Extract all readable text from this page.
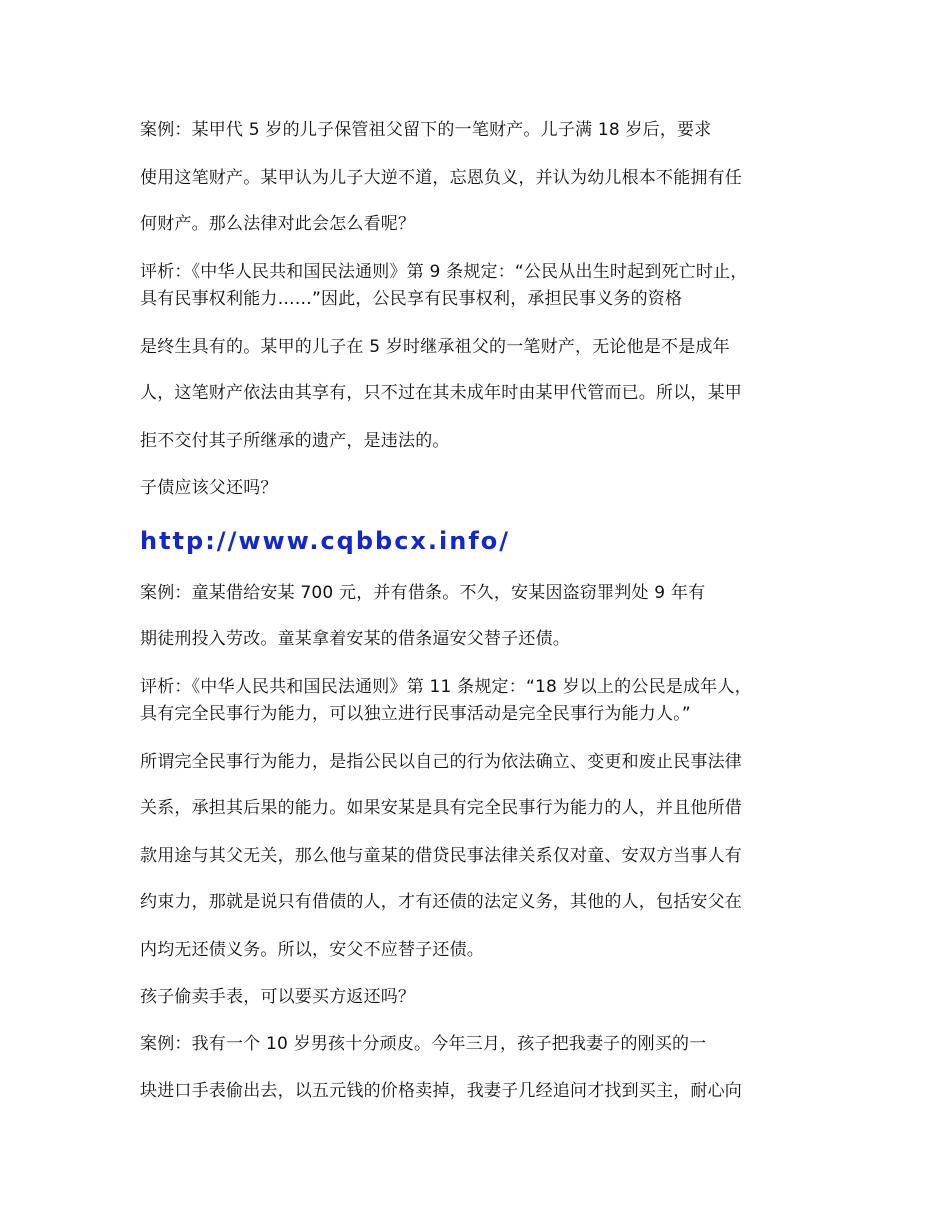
案例：某甲代 5 岁的儿子保管祖父留下的一笔财产。儿子满 18 岁后，要求

使用这笔财产。某甲认为儿子大逆不道，忘恩负义，并认为幼儿根本不能拥有任

何财产。那么法律对此会怎么看呢？

评析：《中华人民共和国民法通则》第 9 条规定：“公民从出生时起到死亡时止，

具有民事权利能力……”因此，公民享有民事权利，承担民事义务的资格

是终生具有的。某甲的儿子在 5 岁时继承祖父的一笔财产，无论他是不是成年

人，这笔财产依法由其享有，只不过在其未成年时由某甲代管而已。所以，某甲

拒不交付其子所继承的遗产，是违法的。

子债应该父还吗？

http://www.cqbbcx.info/

案例：童某借给安某 700 元，并有借条。不久，安某因盗窃罪判处 9 年有

期徒刑投入劳改。童某拿着安某的借条逼安父替子还债。

评析：《中华人民共和国民法通则》第 11 条规定：“18 岁以上的公民是成年人，

具有完全民事行为能力，可以独立进行民事活动是完全民事行为能力人。”

所谓完全民事行为能力，是指公民以自己的行为依法确立、变更和废止民事法律

关系，承担其后果的能力。如果安某是具有完全民事行为能力的人，并且他所借

款用途与其父无关，那么他与童某的借贷民事法律关系仅对童、安双方当事人有

约束力，那就是说只有借债的人，才有还债的法定义务，其他的人，包括安父在

内均无还债义务。所以，安父不应替子还债。

孩子偷卖手表，可以要买方返还吗？

案例：我有一个 10 岁男孩十分顽皮。今年三月，孩子把我妻子的刚买的一

块进口手表偷出去，以五元钱的价格卖掉，我妻子几经追问才找到买主，耐心向
